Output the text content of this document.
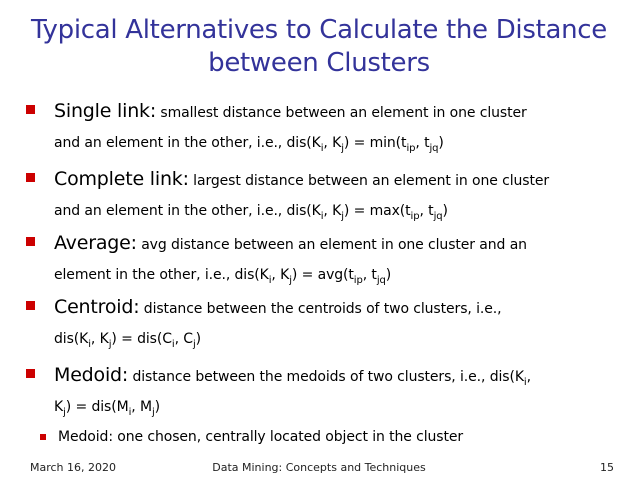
Typical Alternatives to Calculate the Distance
between Clusters
Single link: smallest distance between an element in one cluster
and an element in the other, i.e., $dis(K_i$, $K_j) = \min(t_{ip}$, $t_{jq}$)
Complete link: largest distance between an element in one cluster
and an element in the other, i.e., $dis(K_i$, $K_j) = \max(t_{ip}$, $t_{jq}$)
Average: avg distance between an element in one cluster and an
element in the other, i.e., $dis(K_i$, $K_j) = avg(t_{ip}$, $t_{jq}$)
Centroid: distance between the centroids of two clusters, i.e.,
$dis(K_i$, $K_j) = dis(C_i$, $C_j$)
Medoid: distance between the medoids of two clusters, i.e., $dis(K_i$,
$K_j) = dis(M_i$, $M_j$)
Medoid: one chosen, centrally located object in the cluster
March 16, 2020	Data Mining: Concepts and Techniques	15
